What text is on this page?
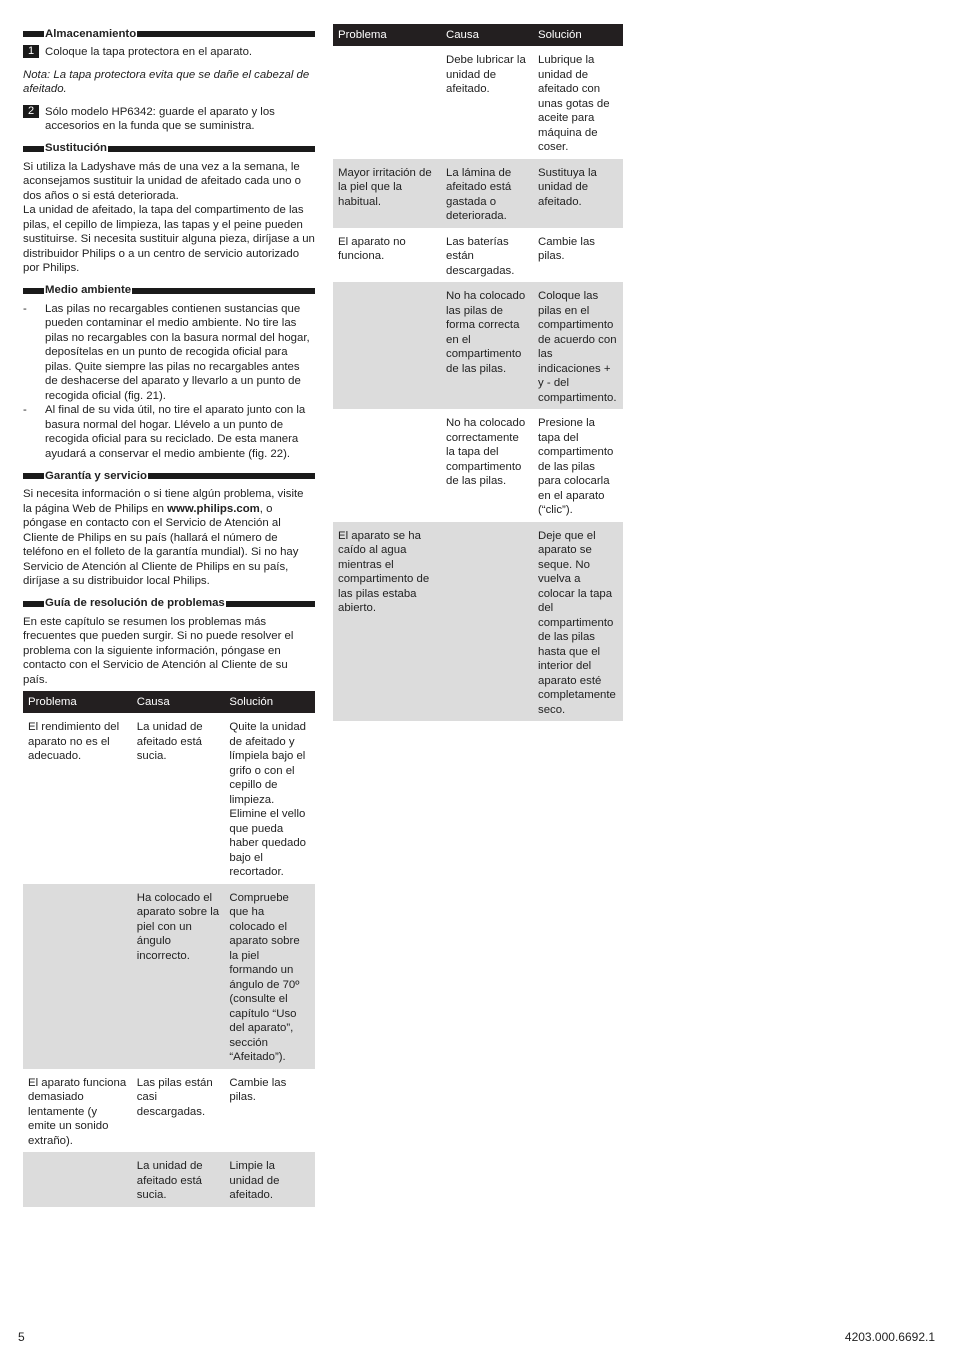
Almacenamiento
1 Coloque la tapa protectora en el aparato.

Nota: La tapa protectora evita que se dañe el cabezal de afeitado.

2 Sólo modelo HP6342: guarde el aparato y los accesorios en la funda que se suministra.
Sustitución

Si utiliza la Ladyshave más de una vez a la semana, le aconsejamos sustituir la unidad de afeitado cada uno o dos años o si está deteriorada.

La unidad de afeitado, la tapa del compartimento de las pilas, el cepillo de limpieza, las tapas y el peine pueden sustituirse. Si necesita sustituir alguna pieza, diríjase a un distribuidor Philips o a un centro de servicio autorizado por Philips.

Medio ambiente
- Las pilas no recargables contienen sustancias que pueden contaminar el medio ambiente. No tire las pilas no recargables con la basura normal del hogar, deposítelas en un punto de recogida oficial para pilas. Quite siempre las pilas no recargables antes de deshacerse del aparato y llevarlo a un punto de recogida oficial (fig. 21).
- Al final de su vida útil, no tire el aparato junto con la basura normal del hogar. Llévelo a un punto de recogida oficial para su reciclado. De esta manera ayudará a conservar el medio ambiente (fig. 22).
Garantía y servicio

Si necesita información o si tiene algún problema, visite la página Web de Philips en www.philips.com, o póngase en contacto con el Servicio de Atención al Cliente de Philips en su país (hallará el número de teléfono en el folleto de la garantía mundial). Si no hay Servicio de Atención al Cliente de Philips en su país, diríjase a su distribuidor local Philips.

Guía de resolución de problemas

En este capítulo se resumen los problemas más frecuentes que pueden surgir. Si no puede resolver el problema con la siguiente información, póngase en contacto con el Servicio de Atención al Cliente de su país.

Problema	Causa	Solución
El rendimiento del aparato no es el adecuado.	La unidad de afeitado está sucia.	Quite la unidad de afeitado y límpiela bajo el grifo o con el cepillo de limpieza. Elimine el vello que pueda haber quedado bajo el recortador.
	Ha colocado el aparato sobre la piel con un ángulo incorrecto.	Compruebe que ha colocado el aparato sobre la piel formando un ángulo de 70º (consulte el capítulo “Uso del aparato”, sección “Afeitado”).
El aparato funciona demasiado lentamente (y emite un sonido extraño).	Las pilas están casi descargadas.	Cambie las pilas.
	La unidad de afeitado está sucia.	Limpie la unidad de afeitado.
Problema	Causa	Solución
	Debe lubricar la unidad de afeitado.	Lubrique la unidad de afeitado con unas gotas de aceite para máquina de coser.
Mayor irritación de la piel que la habitual.	La lámina de afeitado está gastada o deteriorada.	Sustituya la unidad de afeitado.
El aparato no funciona.	Las baterías están descargadas.	Cambie las pilas.
	No ha colocado las pilas de forma correcta en el compartimento de las pilas.	Coloque las pilas en el compartimento de acuerdo con las indicaciones + y - del compartimento.
	No ha colocado correctamente la tapa del compartimento de las pilas.	Presione la tapa del compartimento de las pilas para colocarla en el aparato (“clic”).
El aparato se ha caído al agua mientras el compartimento de las pilas estaba abierto.		Deje que el aparato se seque. No vuelva a colocar la tapa del compartimento de las pilas hasta que el interior del aparato esté completamente seco.
5	4203.000.6692.1
